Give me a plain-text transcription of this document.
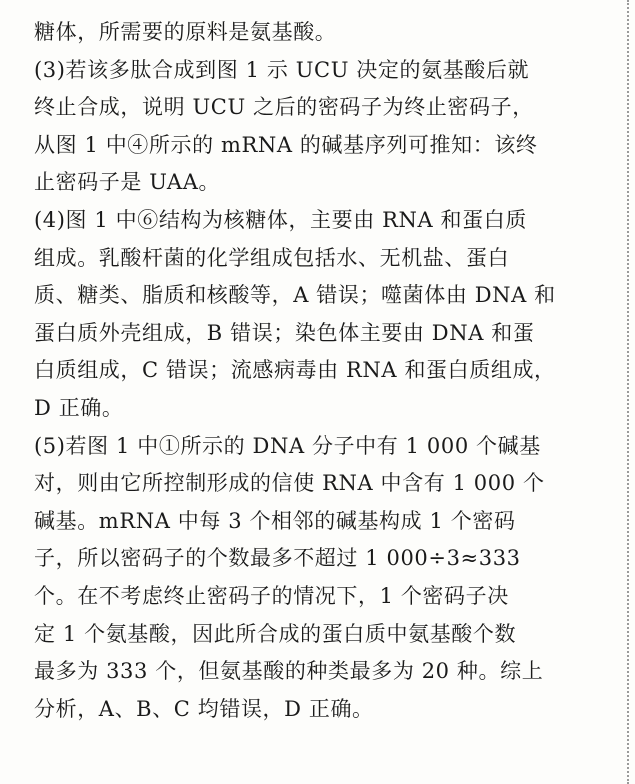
糖体，所需要的原料是氨基酸。
(3)若该多肽合成到图 1 示 UCU 决定的氨基酸后就
终止合成，说明 UCU 之后的密码子为终止密码子，
从图 1 中④所示的 mRNA 的碱基序列可推知：该终
止密码子是 UAA。
(4)图 1 中⑥结构为核糖体，主要由 RNA 和蛋白质
组成。乳酸杆菌的化学组成包括水、无机盐、蛋白
质、糖类、脂质和核酸等，A 错误；噬菌体由 DNA 和
蛋白质外壳组成，B 错误；染色体主要由 DNA 和蛋
白质组成，C 错误；流感病毒由 RNA 和蛋白质组成，
D 正确。
(5)若图 1 中①所示的 DNA 分子中有 1 000 个碱基
对，则由它所控制形成的信使 RNA 中含有 1 000 个
碱基。mRNA 中每 3 个相邻的碱基构成 1 个密码
子，所以密码子的个数最多不超过 1 000÷3≈333
个。在不考虑终止密码子的情况下，1 个密码子决
定 1 个氨基酸，因此所合成的蛋白质中氨基酸个数
最多为 333 个，但氨基酸的种类最多为 20 种。综上
分析，A、B、C 均错误，D 正确。
